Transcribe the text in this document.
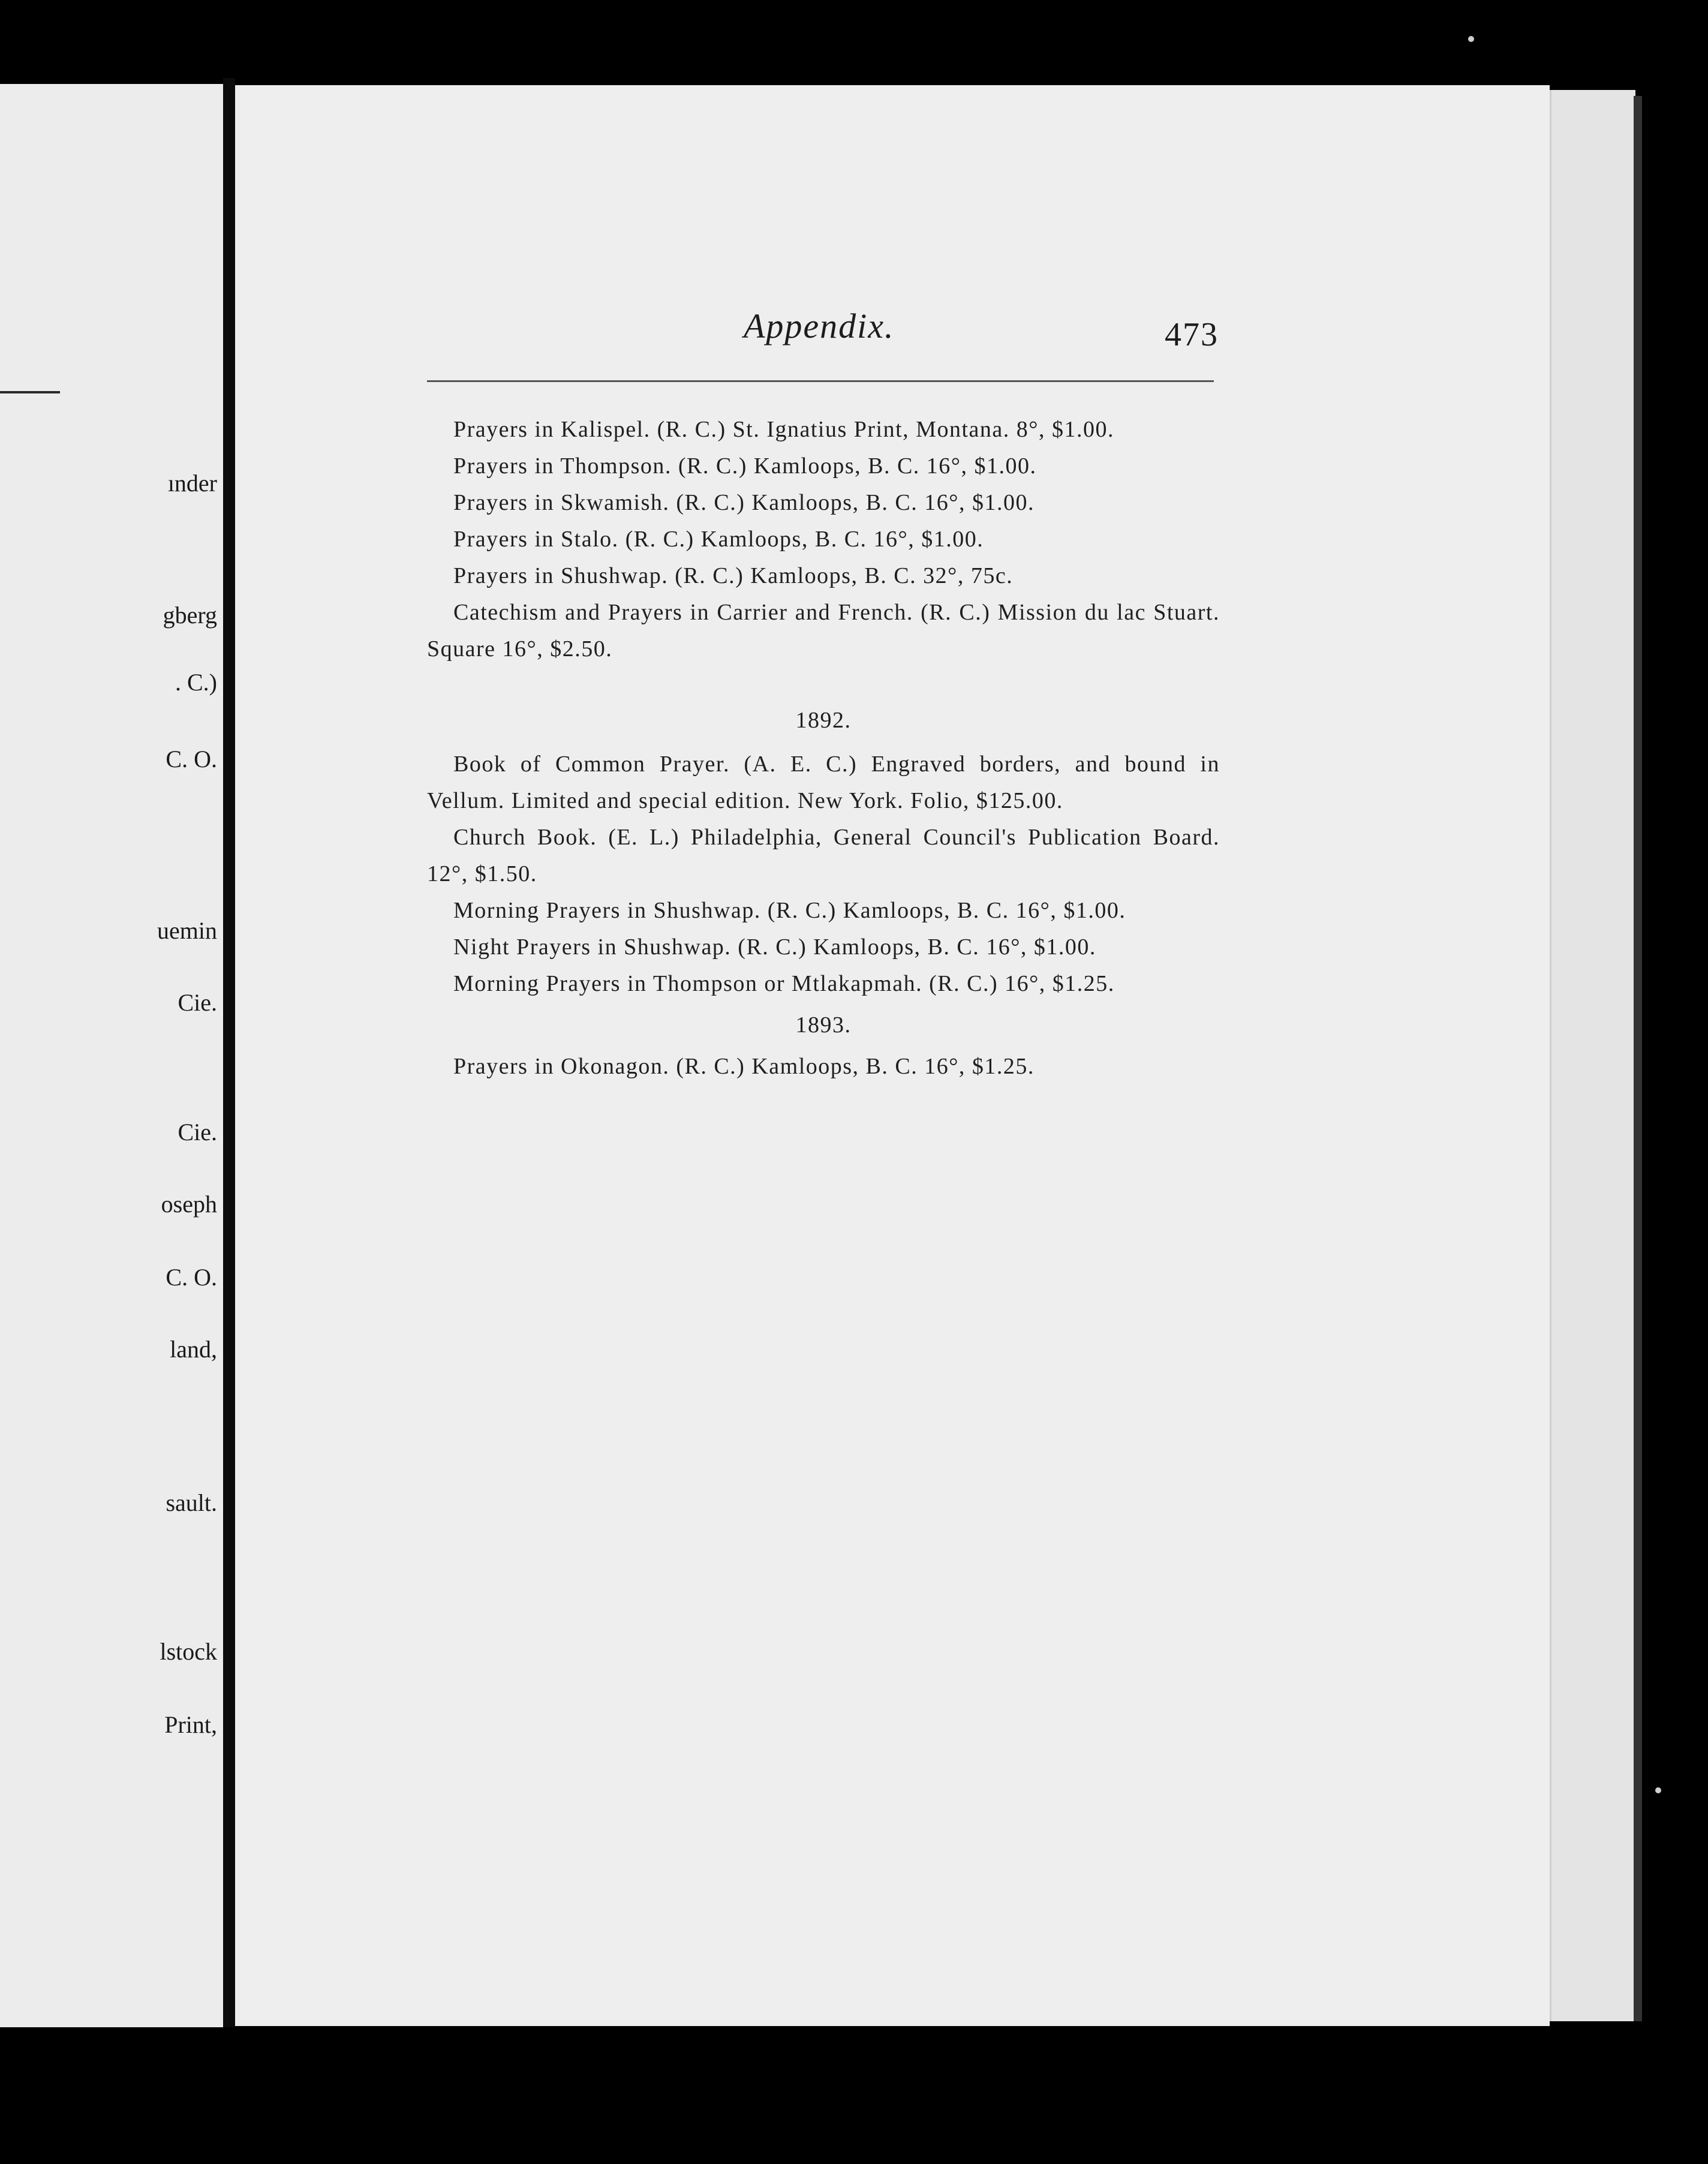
ınder
gberg
. C.)
C. O.
uemin
Cie.
Cie.
oseph
C. O.
land,
sault.
lstock
Print,
Appendix.	473

Prayers in Kalispel. (R. C.) St. Ignatius Print, Montana. 8°, $1.00.

Prayers in Thompson. (R. C.) Kamloops, B. C. 16°, $1.00.

Prayers in Skwamish. (R. C.) Kamloops, B. C. 16°, $1.00.

Prayers in Stalo. (R. C.) Kamloops, B. C. 16°, $1.00.

Prayers in Shushwap. (R. C.) Kamloops, B. C. 32°, 75c.

Catechism and Prayers in Carrier and French. (R. C.) Mission du lac Stuart. Square 16°, $2.50.

1892.

Book of Common Prayer. (A. E. C.) Engraved borders, and bound in Vellum. Limited and special edition. New York. Folio, $125.00.

Church Book. (E. L.) Philadelphia, General Council's Publication Board. 12°, $1.50.

Morning Prayers in Shushwap. (R. C.) Kamloops, B. C. 16°, $1.00.

Night Prayers in Shushwap. (R. C.) Kamloops, B. C. 16°, $1.00.

Morning Prayers in Thompson or Mtlakapmah. (R. C.) 16°, $1.25.

1893.

Prayers in Okonagon. (R. C.) Kamloops, B. C. 16°, $1.25.
